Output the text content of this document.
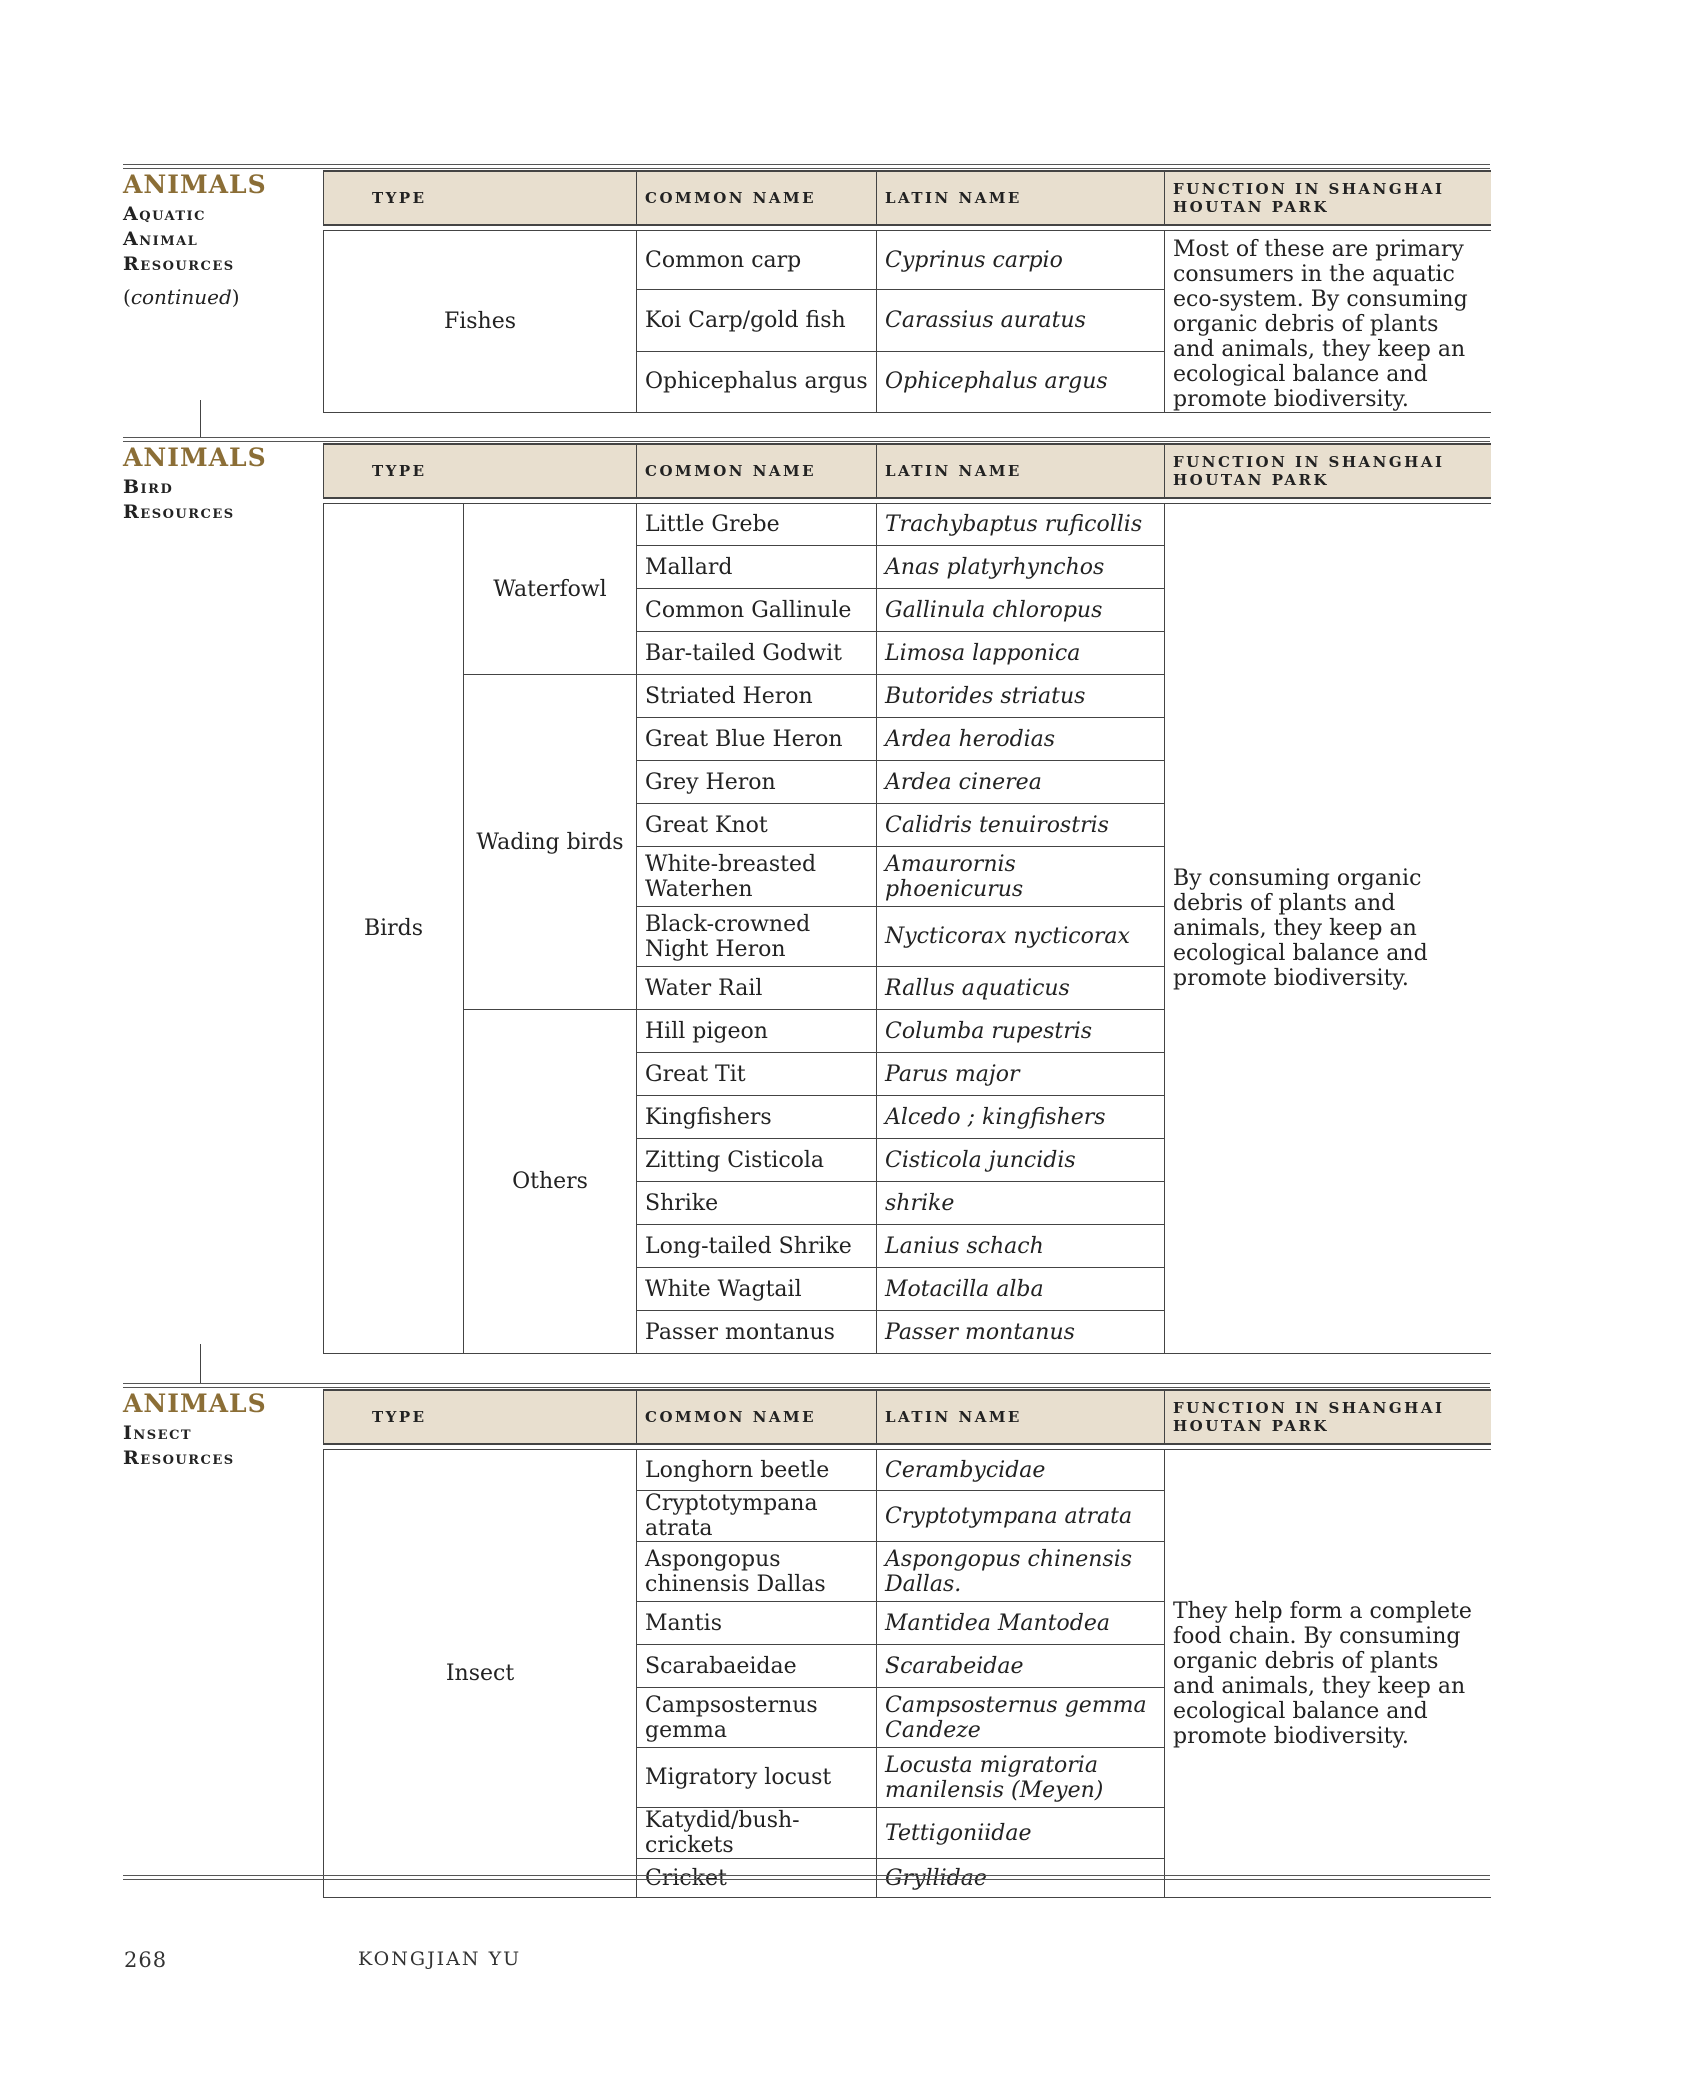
ANIMALS
Aquatic
Animal
Resources
(continued)
TYPE	COMMON NAME	LATIN NAME	FUNCTION IN SHANGHAI HOUTAN PARK

Fishes	Common carp	Cyprinus carpio	Most of these are primary consumers in the aquatic eco-system. By consuming organic debris of plants and animals, they keep an ecological balance and promote biodiversity.
	Koi Carp/gold fish	Carassius auratus	
	Ophicephalus argus	Ophicephalus argus	
ANIMALS
Bird
Resources
TYPE		COMMON NAME	LATIN NAME	FUNCTION IN SHANGHAI HOUTAN PARK

Birds	Waterfowl	Little Grebe	Trachybaptus ruficollis	By consuming organic debris of plants and animals, they keep an ecological balance and promote biodiversity.
		Mallard	Anas platyrhynchos	
		Common Gallinule	Gallinula chloropus	
		Bar-tailed Godwit	Limosa lapponica	
	Wading birds	Striated Heron	Butorides striatus	
		Great Blue Heron	Ardea herodias	
		Grey Heron	Ardea cinerea	
		Great Knot	Calidris tenuirostris	
		White-breasted Waterhen	Amaurornis phoenicurus	
		Black-crowned Night Heron	Nycticorax nycticorax	
		Water Rail	Rallus aquaticus	
	Others	Hill pigeon	Columba rupestris	
		Great Tit	Parus major	
		Kingfishers	Alcedo ; kingfishers	
		Zitting Cisticola	Cisticola juncidis	
		Shrike	shrike	
		Long-tailed Shrike	Lanius schach	
		White Wagtail	Motacilla alba	
		Passer montanus	Passer montanus	
ANIMALS
Insect
Resources
TYPE	COMMON NAME	LATIN NAME	FUNCTION IN SHANGHAI HOUTAN PARK

Insect	Longhorn beetle	Cerambycidae	They help form a complete food chain. By consuming organic debris of plants and animals, they keep an ecological balance and promote biodiversity.
	Cryptotympana atrata	Cryptotympana atrata	
	Aspongopus chinensis Dallas	Aspongopus chinensis Dallas.	
	Mantis	Mantidea Mantodea	
	Scarabaeidae	Scarabeidae	
	Campsosternus gemma	Campsosternus gemma Candeze	
	Migratory locust	Locusta migratoria manilensis (Meyen)	
	Katydid/bush-crickets	Tettigoniidae	
	Cricket	Gryllidae	
268	KONGJIAN YU
